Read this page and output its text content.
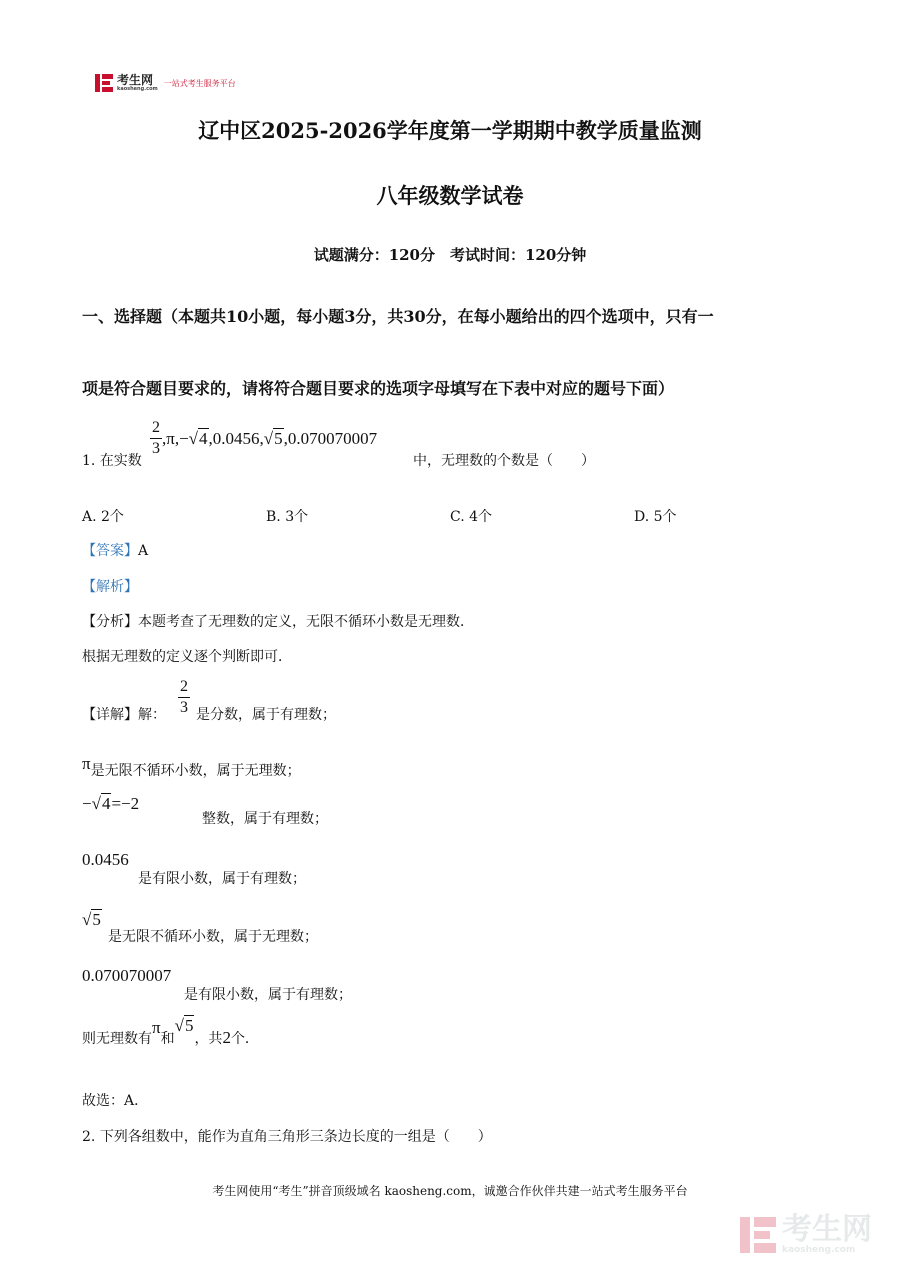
考生网
kaosheng.com
一站式考生服务平台
辽中区2025-2026学年度第一学期期中教学质量监测
八年级数学试卷
试题满分：120分　考试时间：120分钟
一、选择题（本题共10小题，每小题3分，共30分，在每小题给出的四个选项中，只有一
项是符合题目要求的，请将符合题目要求的选项字母填写在下表中对应的题号下面）
1. 在实数
$\frac{2}{3} ,\pi,- √4$ ,0.0456, √5 ,0.070070007
中，无理数的个数是（　　）
A. 2个	B. 3个	C. 4个	D. 5个
【答案】A
【解析】
【分析】本题考查了无理数的定义，无限不循环小数是无理数．
根据无理数的定义逐个判断即可．
【详解】解： $\frac{2}{3}$ 是分数，属于有理数；
π是无限不循环小数，属于无理数；
−√4=−2
整数，属于有理数；
0.0456
是有限小数，属于有理数；
√5
是无限不循环小数，属于无理数；
0.070070007
是有限小数，属于有理数；
则无理数有
π
和
√5
，共 2 个．
故选：A．
2. 下列各组数中，能作为直角三角形三条边长度的一组是（　　）
考生网使用“考生”拼音顶级域名 kaosheng.com，诚邀合作伙伴共建一站式考生服务平台
考生网
kaosheng.com
